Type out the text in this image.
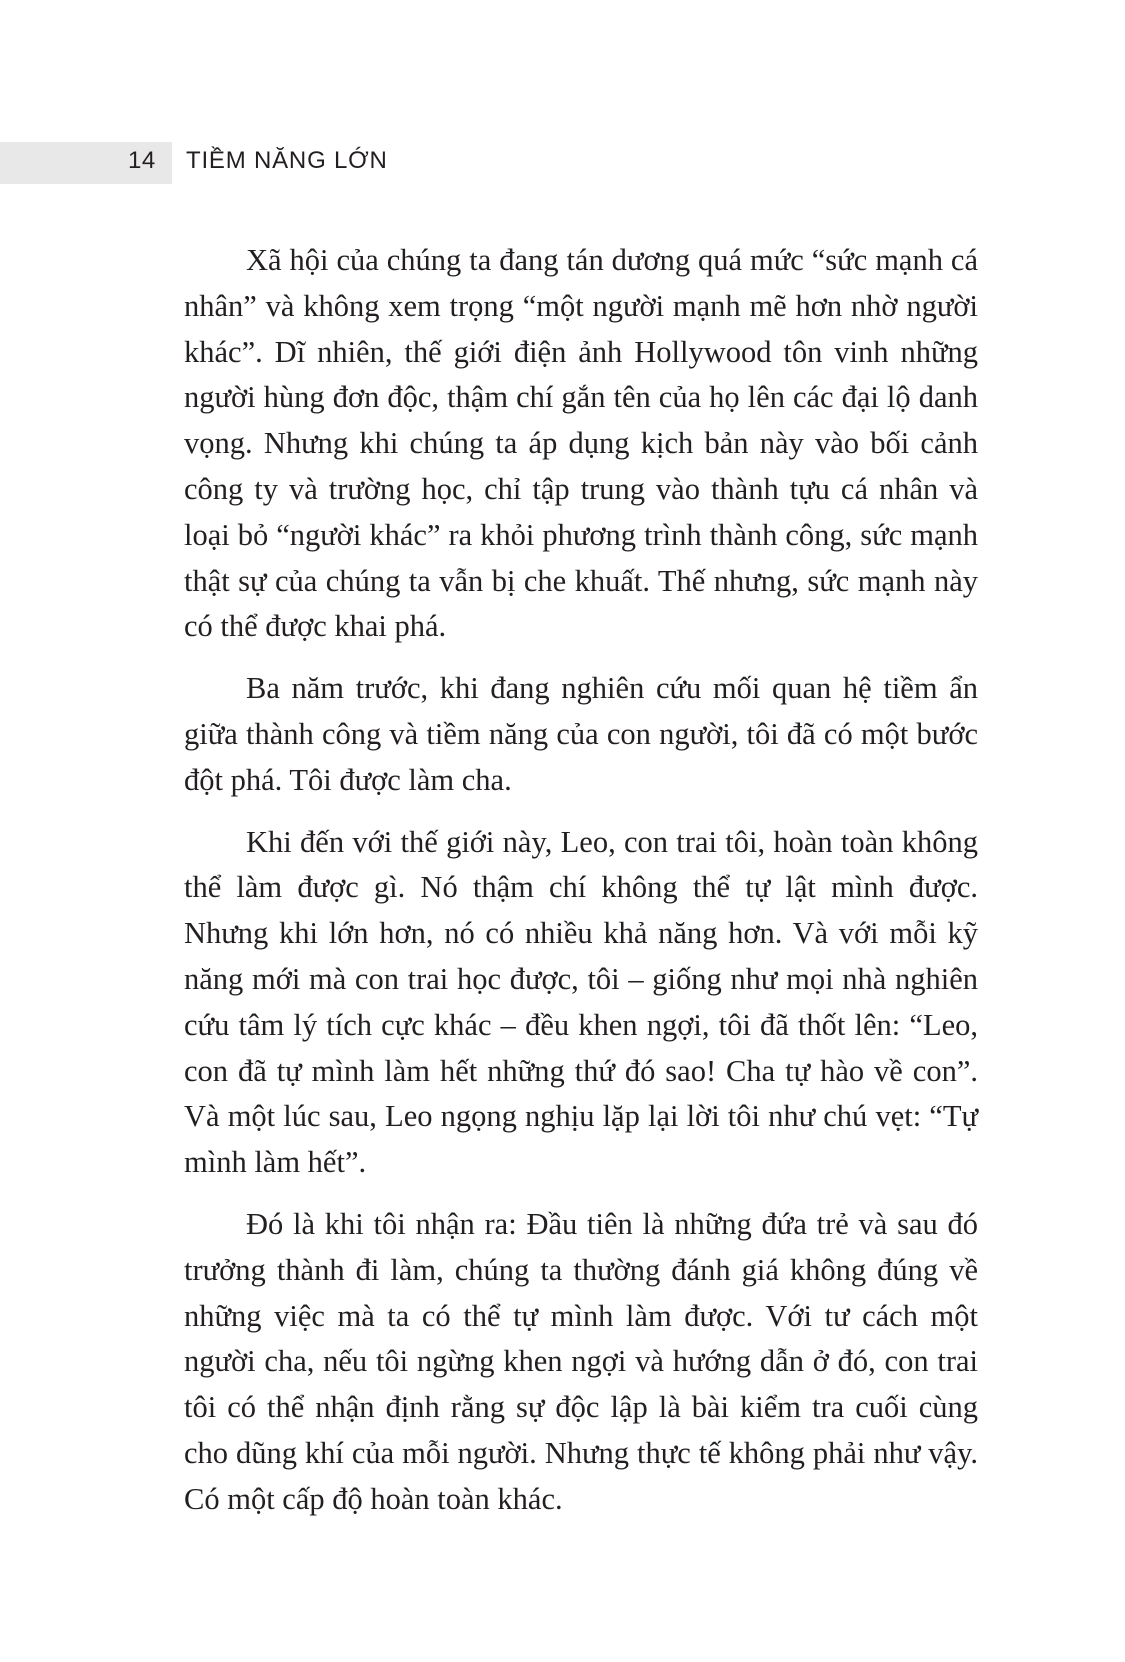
14 TIỀM NĂNG LỚN

Xã hội của chúng ta đang tán dương quá mức “sức mạnh cá nhân” và không xem trọng “một người mạnh mẽ hơn nhờ người khác”. Dĩ nhiên, thế giới điện ảnh Hollywood tôn vinh những người hùng đơn độc, thậm chí gắn tên của họ lên các đại lộ danh vọng. Nhưng khi chúng ta áp dụng kịch bản này vào bối cảnh công ty và trường học, chỉ tập trung vào thành tựu cá nhân và loại bỏ “người khác” ra khỏi phương trình thành công, sức mạnh thật sự của chúng ta vẫn bị che khuất. Thế nhưng, sức mạnh này có thể được khai phá.

Ba năm trước, khi đang nghiên cứu mối quan hệ tiềm ẩn giữa thành công và tiềm năng của con người, tôi đã có một bước đột phá. Tôi được làm cha.

Khi đến với thế giới này, Leo, con trai tôi, hoàn toàn không thể làm được gì. Nó thậm chí không thể tự lật mình được. Nhưng khi lớn hơn, nó có nhiều khả năng hơn. Và với mỗi kỹ năng mới mà con trai học được, tôi – giống như mọi nhà nghiên cứu tâm lý tích cực khác – đều khen ngợi, tôi đã thốt lên: “Leo, con đã tự mình làm hết những thứ đó sao! Cha tự hào về con”. Và một lúc sau, Leo ngọng nghịu lặp lại lời tôi như chú vẹt: “Tự mình làm hết”.

Đó là khi tôi nhận ra: Đầu tiên là những đứa trẻ và sau đó trưởng thành đi làm, chúng ta thường đánh giá không đúng về những việc mà ta có thể tự mình làm được. Với tư cách một người cha, nếu tôi ngừng khen ngợi và hướng dẫn ở đó, con trai tôi có thể nhận định rằng sự độc lập là bài kiểm tra cuối cùng cho dũng khí của mỗi người. Nhưng thực tế không phải như vậy. Có một cấp độ hoàn toàn khác.
